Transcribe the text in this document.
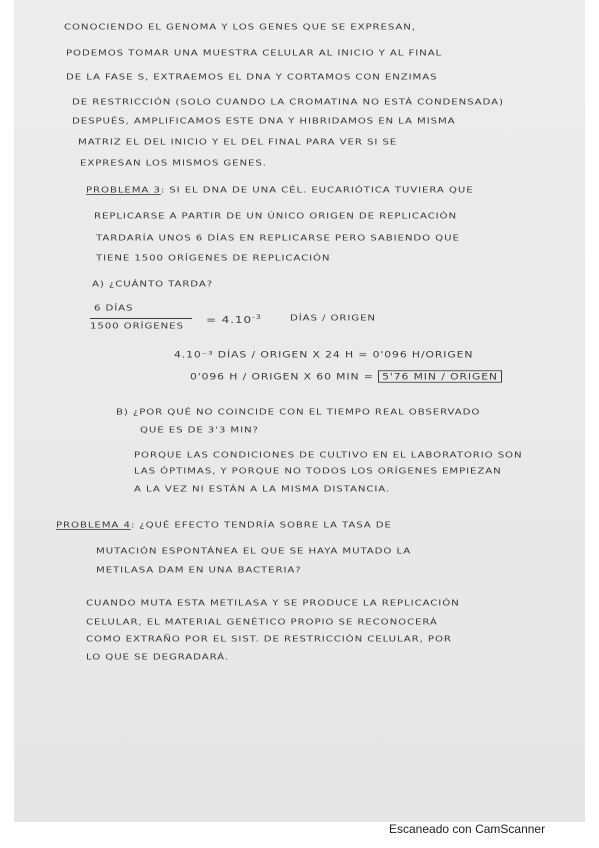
CONOCIENDO EL GENOMA Y LOS GENES QUE SE EXPRESAN,
PODEMOS TOMAR UNA MUESTRA CELULAR AL INICIO Y AL FINAL
DE LA FASE S, EXTRAEMOS EL DNA Y CORTAMOS CON ENZIMAS
DE RESTRICCIÓN (SOLO CUANDO LA CROMATINA NO ESTÁ CONDENSADA)
DESPUÉS, AMPLIFICAMOS ESTE DNA Y HIBRIDAMOS EN LA MISMA
MATRIZ EL DEL INICIO Y EL DEL FINAL PARA VER SI SE
EXPRESAN LOS MISMOS GENES.
PROBLEMA 3: SI EL DNA DE UNA CÉL. EUCARIÓTICA TUVIERA QUE
REPLICARSE A PARTIR DE UN ÚNICO ORIGEN DE REPLICACIÓN
TARDARÍA UNOS 6 DÍAS EN REPLICARSE PERO SABIENDO QUE
TIENE 1500 ORÍGENES DE REPLICACIÓN
A) ¿CUÁNTO TARDA?
6 DÍAS
1500 ORÍGENES
= $4.10^{-3}$	DÍAS / ORIGEN
4.10⁻³ DÍAS / ORIGEN X 24 H = 0'096 H/ORIGEN
0'096 H / ORIGEN X 60 MIN = 5'76 MIN / ORIGEN
B) ¿POR QUÉ NO COINCIDE CON EL TIEMPO REAL OBSERVADO
QUE ES DE 3'3 MIN?
PORQUE LAS CONDICIONES DE CULTIVO EN EL LABORATORIO SON
LAS ÓPTIMAS, Y PORQUE NO TODOS LOS ORÍGENES EMPIEZAN
A LA VEZ NI ESTÁN A LA MISMA DISTANCIA.
PROBLEMA 4: ¿QUÉ EFECTO TENDRÍA SOBRE LA TASA DE
MUTACIÓN ESPONTÁNEA EL QUE SE HAYA MUTADO LA
METILASA DAM EN UNA BACTERIA?
CUANDO MUTA ESTA METILASA Y SE PRODUCE LA REPLICACIÓN
CELULAR, EL MATERIAL GENÉTICO PROPIO SE RECONOCERÁ
COMO EXTRAÑO POR EL SIST. DE RESTRICCIÓN CELULAR, POR
LO QUE SE DEGRADARÁ.
Escaneado con CamScanner
